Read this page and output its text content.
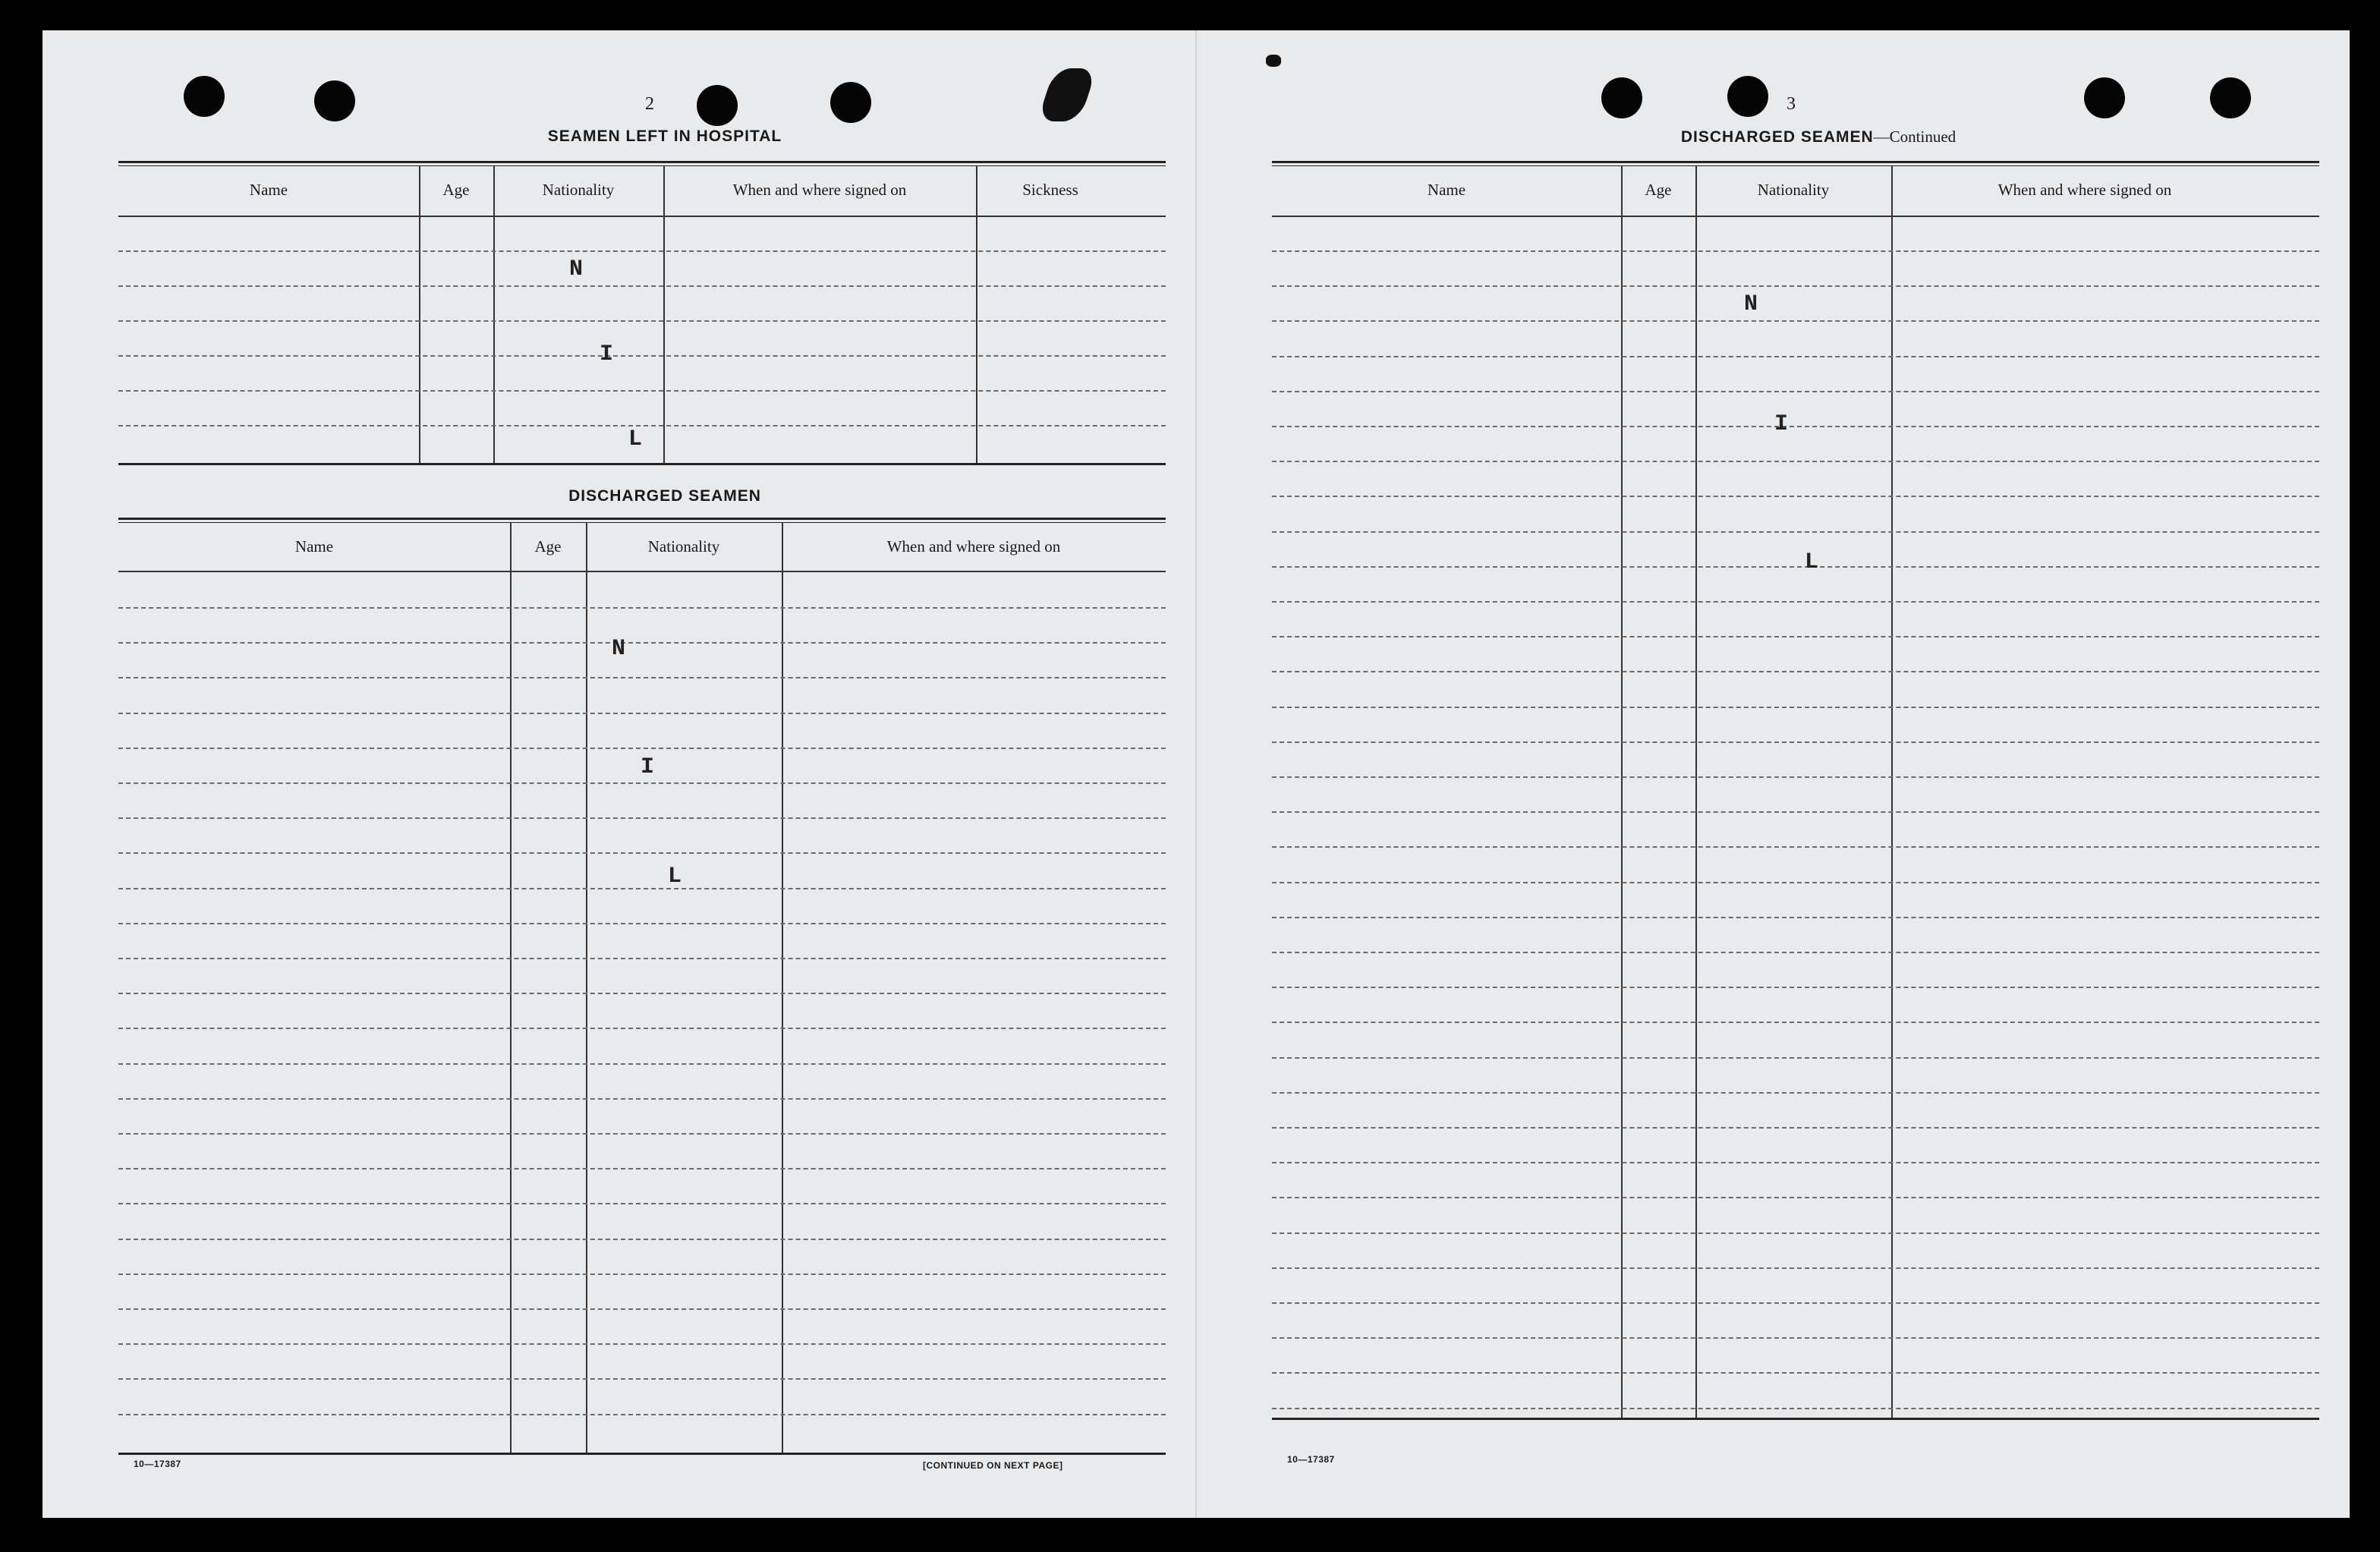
2
SEAMEN LEFT IN HOSPITAL
Name	Age	Nationality	When and where signed on	Sickness
N
I
L
DISCHARGED SEAMEN
Name	Age	Nationality	When and where signed on
N
I
L
10—17387	[CONTINUED ON NEXT PAGE]
3
DISCHARGED SEAMEN—Continued
Name	Age	Nationality	When and where signed on
N
I
L
10—17387
